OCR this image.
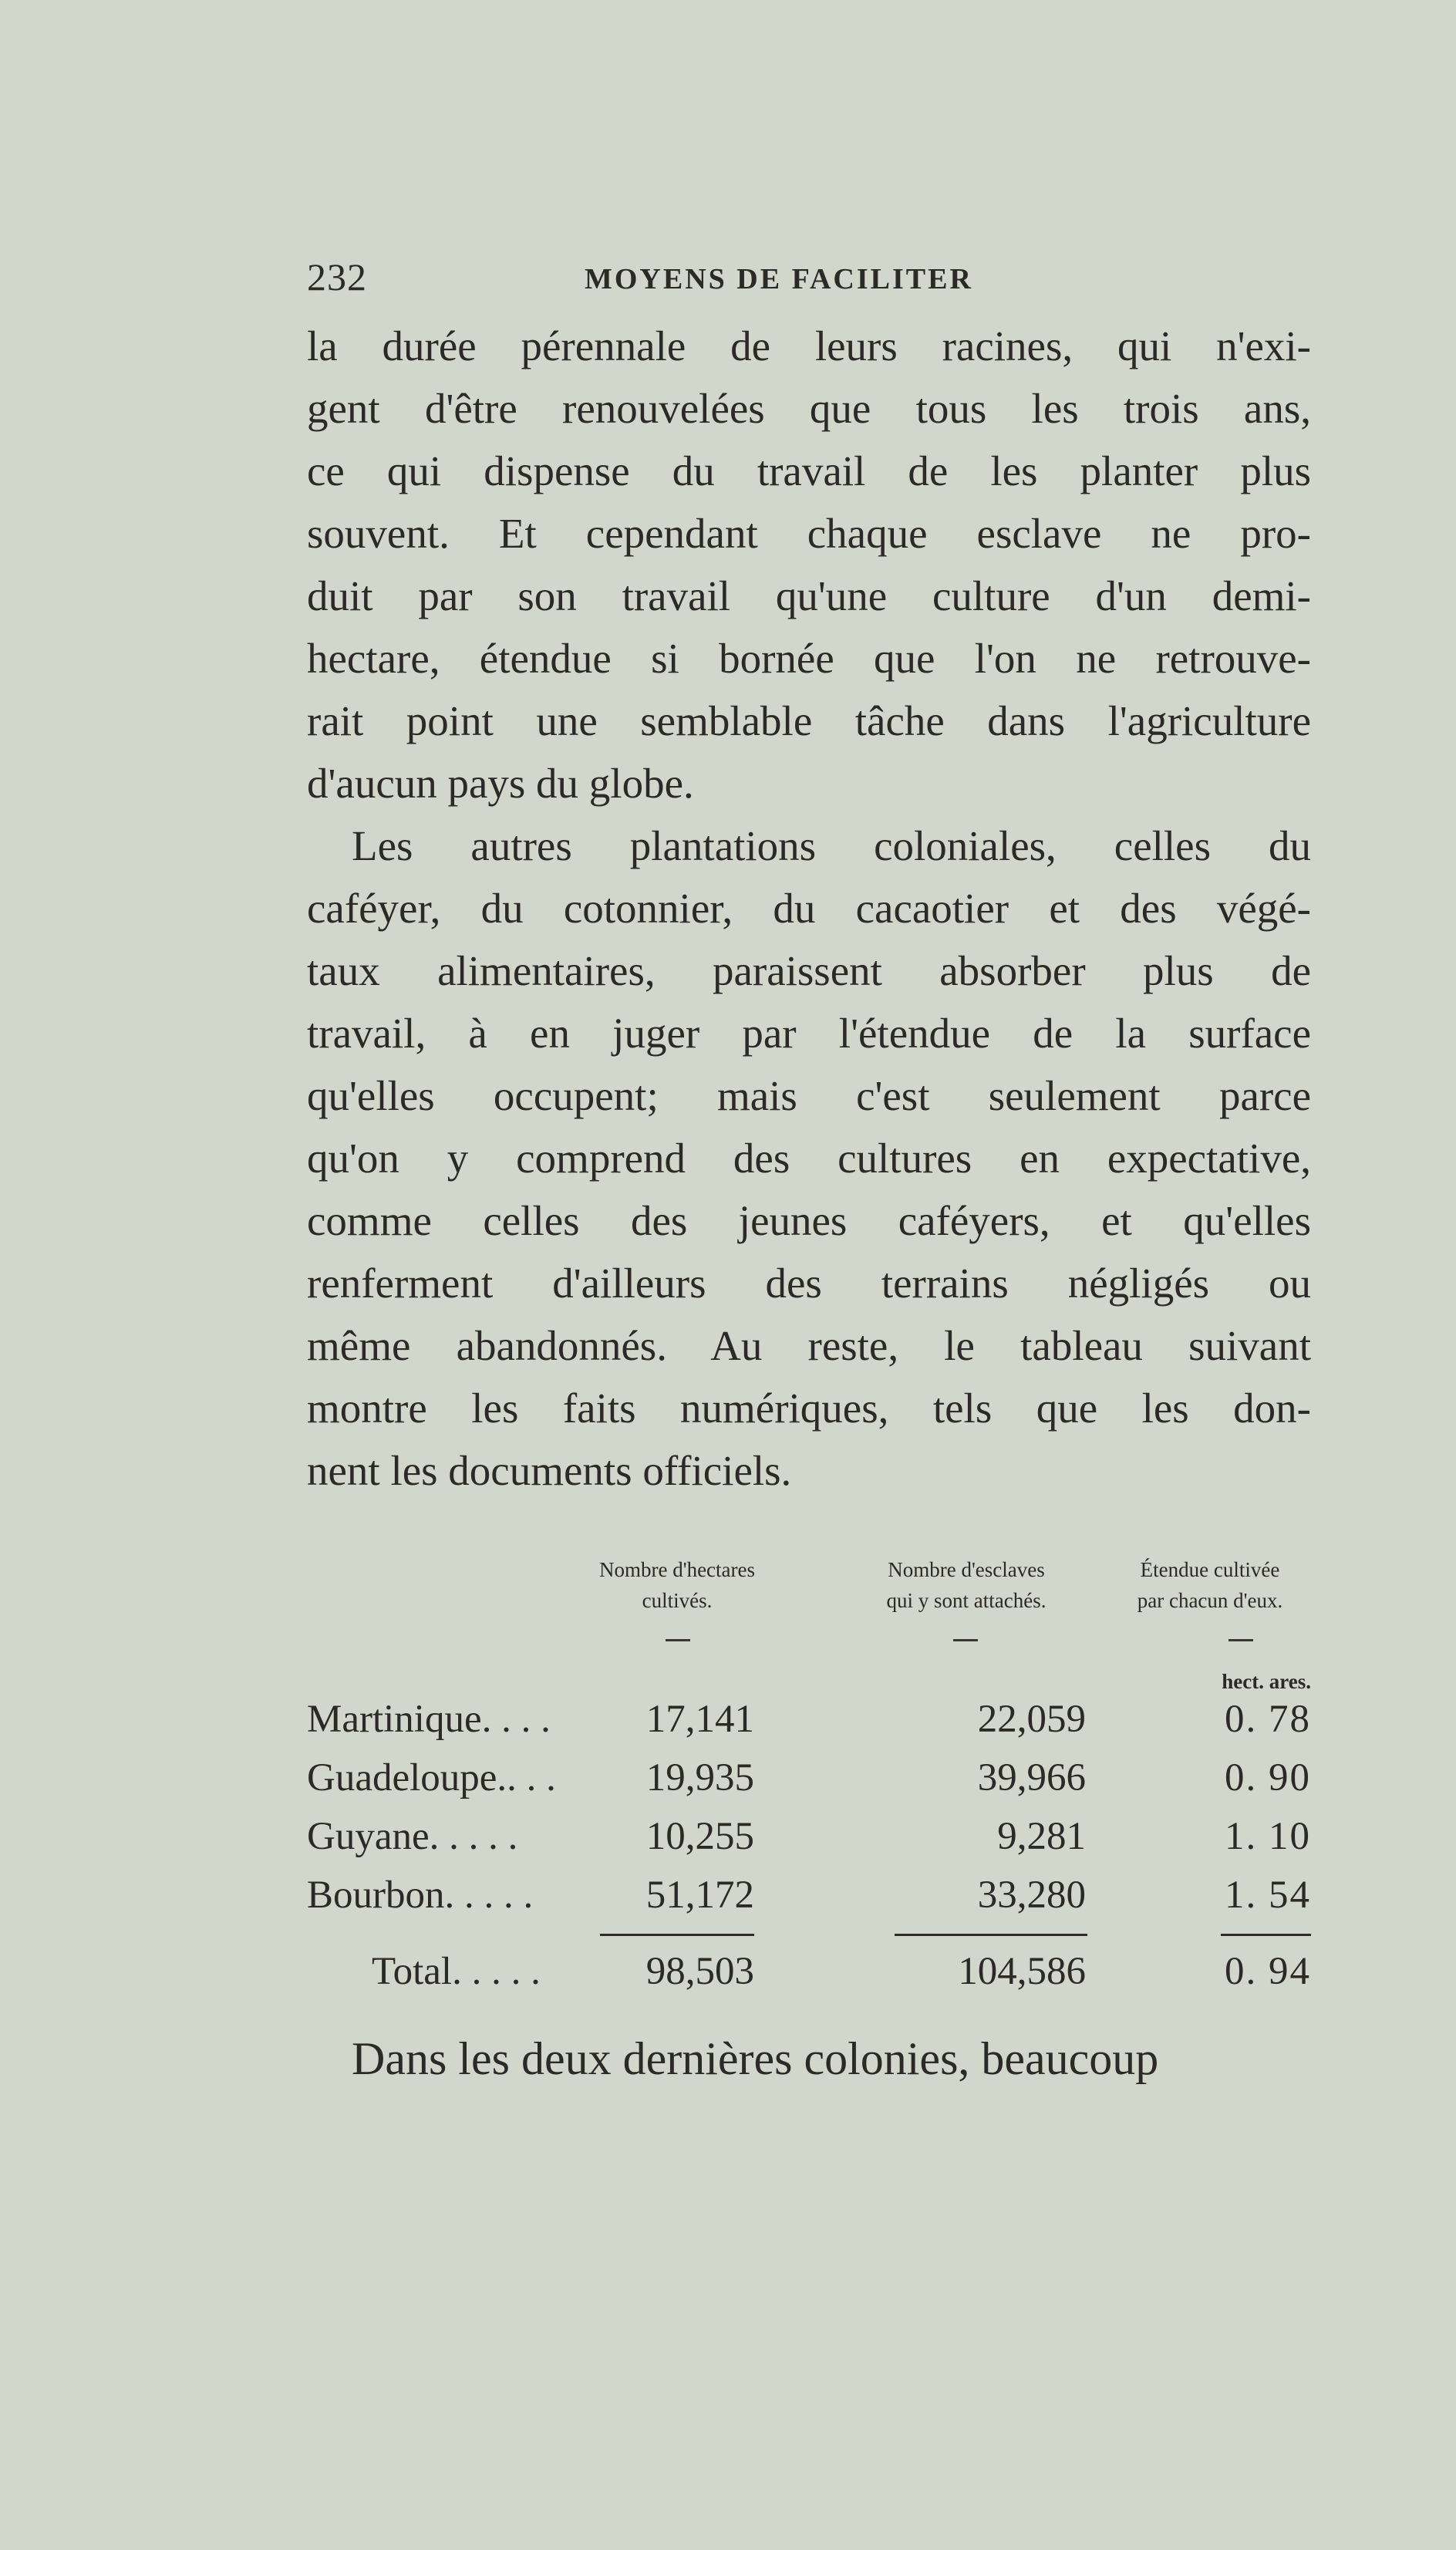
232	MOYENS DE FACILITER
la durée pérennale de leurs racines, qui n'exi-
gent d'être renouvelées que tous les trois ans,
ce qui dispense du travail de les planter plus
souvent. Et cependant chaque esclave ne pro-
duit par son travail qu'une culture d'un demi-
hectare, étendue si bornée que l'on ne retrouve-
rait point une semblable tâche dans l'agriculture
d'aucun pays du globe.
Les autres plantations coloniales, celles du
caféyer, du cotonnier, du cacaotier et des végé-
taux alimentaires, paraissent absorber plus de
travail, à en juger par l'étendue de la surface
qu'elles occupent; mais c'est seulement parce
qu'on y comprend des cultures en expectative,
comme celles des jeunes caféyers, et qu'elles
renferment d'ailleurs des terrains négligés ou
même abandonnés. Au reste, le tableau suivant
montre les faits numériques, tels que les don-
nent les documents officiels.
Nombre d'hectares
cultivés.
Nombre d'esclaves
qui y sont attachés.
Étendue cultivée
par chacun d'eux.
hect. ares.
Martinique. . . .	17,141	22,059	0. 78
Guadeloupe.. . .	19,935	39,966	0. 90
Guyane. . . . .	10,255	9,281	1. 10
Bourbon. . . . .	51,172	33,280	1. 54
Total. . . . .	98,503	104,586	0. 94
Dans les deux dernières colonies, beaucoup
